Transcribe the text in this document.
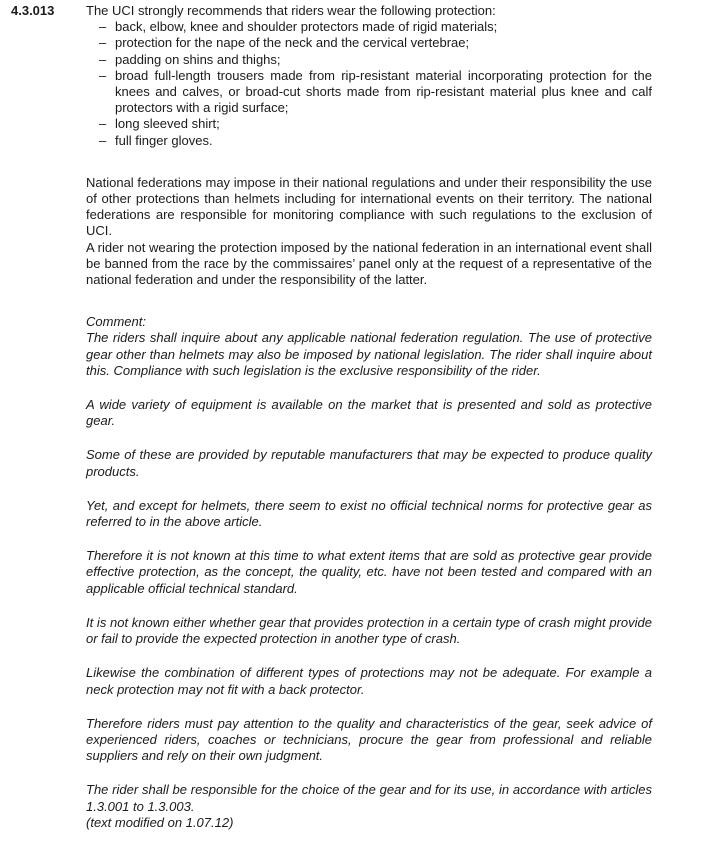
4.3.013	The UCI strongly recommends that riders wear the following protection:

– back, elbow, knee and shoulder protectors made of rigid materials;
– protection for the nape of the neck and the cervical vertebrae;
– padding on shins and thighs;
– broad full-length trousers made from rip-resistant material incorporating protection for the knees and calves, or broad-cut shorts made from rip-resistant material plus knee and calf protectors with a rigid surface;
– long sleeved shirt;
– full finger gloves.

National federations may impose in their national regulations and under their responsibility the use of other protections than helmets including for international events on their territory. The national federations are responsible for monitoring compliance with such regulations to the exclusion of UCI.

A rider not wearing the protection imposed by the national federation in an international event shall be banned from the race by the commissaires’ panel only at the request of a representative of the national federation and under the responsibility of the latter.

Comment:

The riders shall inquire about any applicable national federation regulation. The use of protective gear other than helmets may also be imposed by national legislation. The rider shall inquire about this. Compliance with such legislation is the exclusive responsibility of the rider.

A wide variety of equipment is available on the market that is presented and sold as protective gear.

Some of these are provided by reputable manufacturers that may be expected to produce quality products.

Yet, and except for helmets, there seem to exist no official technical norms for protective gear as referred to in the above article.

Therefore it is not known at this time to what extent items that are sold as protective gear provide effective protection, as the concept, the quality, etc. have not been tested and compared with an applicable official technical standard.

It is not known either whether gear that provides protection in a certain type of crash might provide or fail to provide the expected protection in another type of crash.

Likewise the combination of different types of protections may not be adequate. For example a neck protection may not fit with a back protector.

Therefore riders must pay attention to the quality and characteristics of the gear, seek advice of experienced riders, coaches or technicians, procure the gear from professional and reliable suppliers and rely on their own judgment.

The rider shall be responsible for the choice of the gear and for its use, in accordance with articles 1.3.001 to 1.3.003.

(text modified on 1.07.12)
